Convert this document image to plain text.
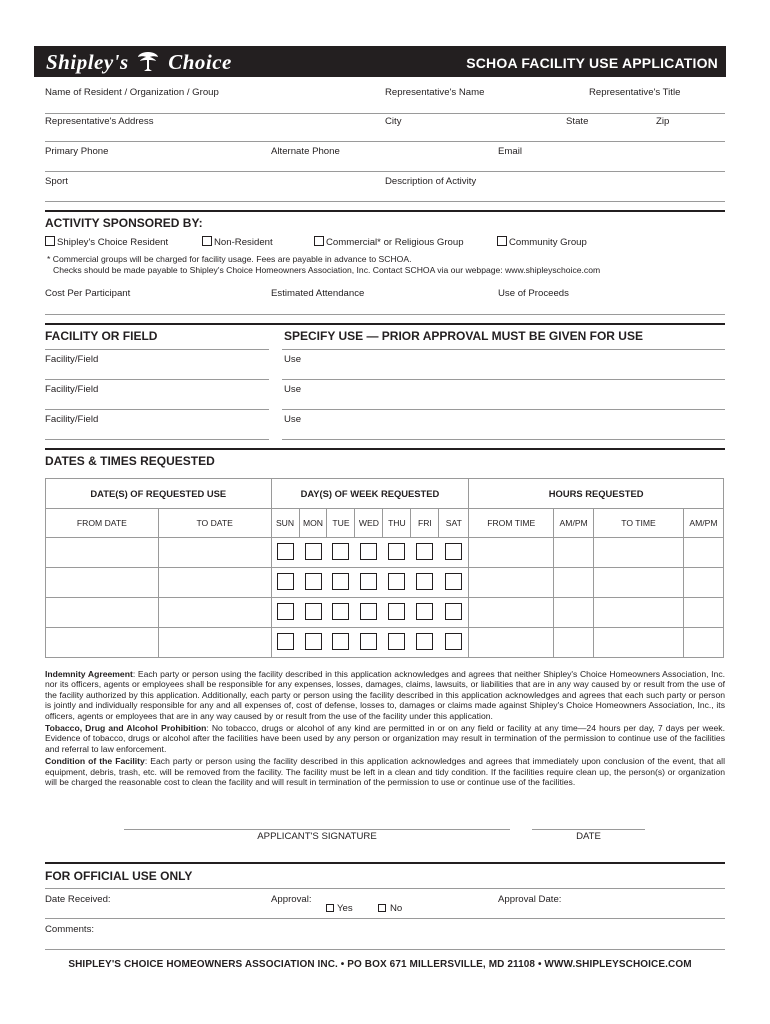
Shipley's Choice	SCHOA FACILITY USE APPLICATION
Name of Resident / Organization / Group	Representative's Name	Representative's Title
Representative's Address	City	State	Zip
Primary Phone	Alternate Phone	Email
Sport	Description of Activity
ACTIVITY SPONSORED BY:
Shipley's Choice Resident	Non-Resident	Commercial* or Religious Group	Community Group
* Commercial groups will be charged for facility usage. Fees are payable in advance to SCHOA.
Checks should be made payable to Shipley's Choice Homeowners Association, Inc. Contact SCHOA via our webpage: www.shipleyschoice.com
Cost Per Participant	Estimated Attendance	Use of Proceeds
FACILITY OR FIELD	SPECIFY USE — PRIOR APPROVAL MUST BE GIVEN FOR USE
Facility/Field	Use
Facility/Field	Use
Facility/Field	Use
DATES & TIMES REQUESTED
DATE(S) OF REQUESTED USE		DAY(S) OF WEEK REQUESTED							HOURS REQUESTED			
FROM DATE	TO DATE	SUN	MON	TUE	WED	THU	FRI	SAT	FROM TIME	AM/PM	TO TIME	AM/PM

Indemnity Agreement: Each party or person using the facility described in this application acknowledges and agrees that neither Shipley's Choice Homeowners Association, Inc. nor its officers, agents or employees shall be responsible for any expenses, losses, damages, claims, lawsuits, or liabilities that are in any way caused by or result from the use of the facility authorized by this application. Additionally, each party or person using the facility described in this application acknowledges and agrees that each such party or person is jointly and individually responsible for any and all expenses of, cost of defense, losses to, damages or claims made against Shipley's Choice Homeowners Association, Inc., its officers, agents or employees that are in any way caused by or result from the use of the facility under this application.

Tobacco, Drug and Alcohol Prohibition: No tobacco, drugs or alcohol of any kind are permitted in or on any field or facility at any time—24 hours per day, 7 days per week. Evidence of tobacco, drugs or alcohol after the facilities have been used by any person or organization may result in termination of the permission to continue use of the facilities and referral to law enforcement.

Condition of the Facility: Each party or person using the facility described in this application acknowledges and agrees that immediately upon conclusion of the event, that all equipment, debris, trash, etc. will be removed from the facility. The facility must be left in a clean and tidy condition. If the facilities require clean up, the person(s) or organization will be charged the reasonable cost to clean the facility and will result in termination of the permission to use or continue use of the facilities.

APPLICANT'S SIGNATURE	DATE
FOR OFFICIAL USE ONLY
Date Received:	Approval:
Yes	No
Approval Date:
Comments:
SHIPLEY'S CHOICE HOMEOWNERS ASSOCIATION INC. • PO BOX 671 MILLERSVILLE, MD 21108 • WWW.SHIPLEYSCHOICE.COM
